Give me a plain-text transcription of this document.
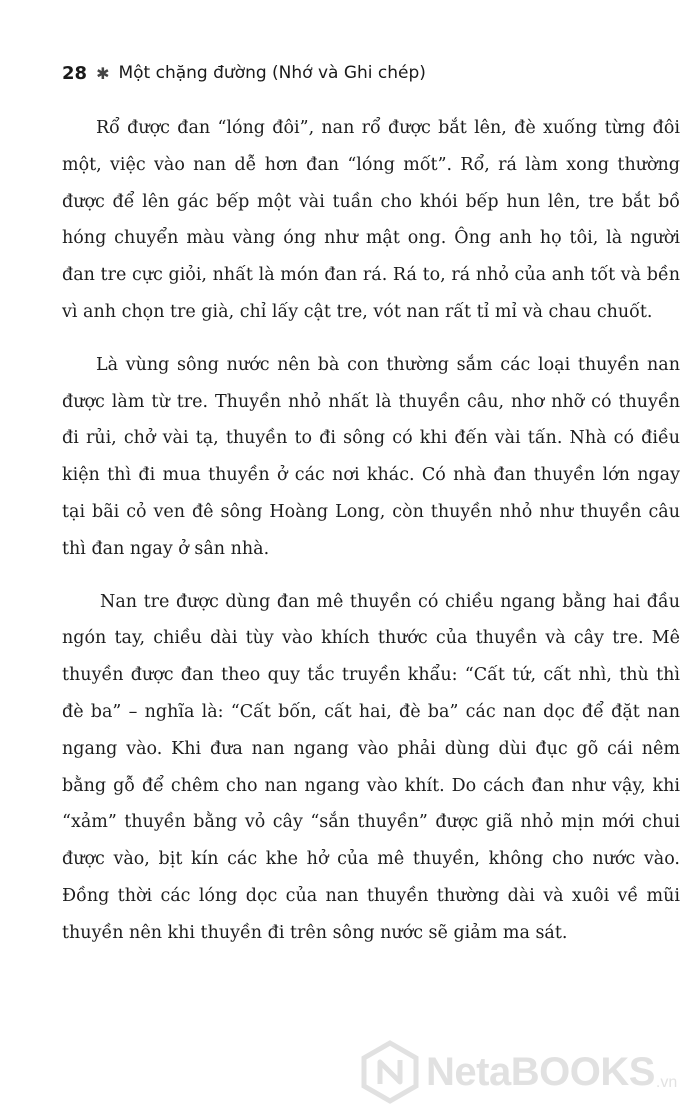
28 ✱ Một chặng đường (Nhớ và Ghi chép)

Rổ được đan “lóng đôi”, nan rổ được bắt lên, đè xuống từng đôi một, việc vào nan dễ hơn đan “lóng mốt”. Rổ, rá làm xong thường được để lên gác bếp một vài tuần cho khói bếp hun lên, tre bắt bồ hóng chuyển màu vàng óng như mật ong. Ông anh họ tôi, là người đan tre cực giỏi, nhất là món đan rá. Rá to, rá nhỏ của anh tốt và bền vì anh chọn tre già, chỉ lấy cật tre, vót nan rất tỉ mỉ và chau chuốt.

Là vùng sông nước nên bà con thường sắm các loại thuyền nan được làm từ tre. Thuyền nhỏ nhất là thuyền câu, nhơ nhỡ có thuyền đi rủi, chở vài tạ, thuyền to đi sông có khi đến vài tấn. Nhà có điều kiện thì đi mua thuyền ở các nơi khác. Có nhà đan thuyền lớn ngay tại bãi cỏ ven đê sông Hoàng Long, còn thuyền nhỏ như thuyền câu thì đan ngay ở sân nhà.

Nan tre được dùng đan mê thuyền có chiều ngang bằng hai đầu ngón tay, chiều dài tùy vào khích thước của thuyền và cây tre. Mê thuyền được đan theo quy tắc truyền khẩu: “Cất tứ, cất nhì, thù thì đè ba” – nghĩa là: “Cất bốn, cất hai, đè ba” các nan dọc để đặt nan ngang vào. Khi đưa nan ngang vào phải dùng dùi đục gõ cái nêm bằng gỗ để chêm cho nan ngang vào khít. Do cách đan như vậy, khi “xảm” thuyền bằng vỏ cây “sắn thuyền” được giã nhỏ mịn mới chui được vào, bịt kín các khe hở của mê thuyền, không cho nước vào. Đồng thời các lóng dọc của nan thuyền thường dài và xuôi về mũi thuyền nên khi thuyền đi trên sông nước sẽ giảm ma sát.

NetaBOOKS .vn
